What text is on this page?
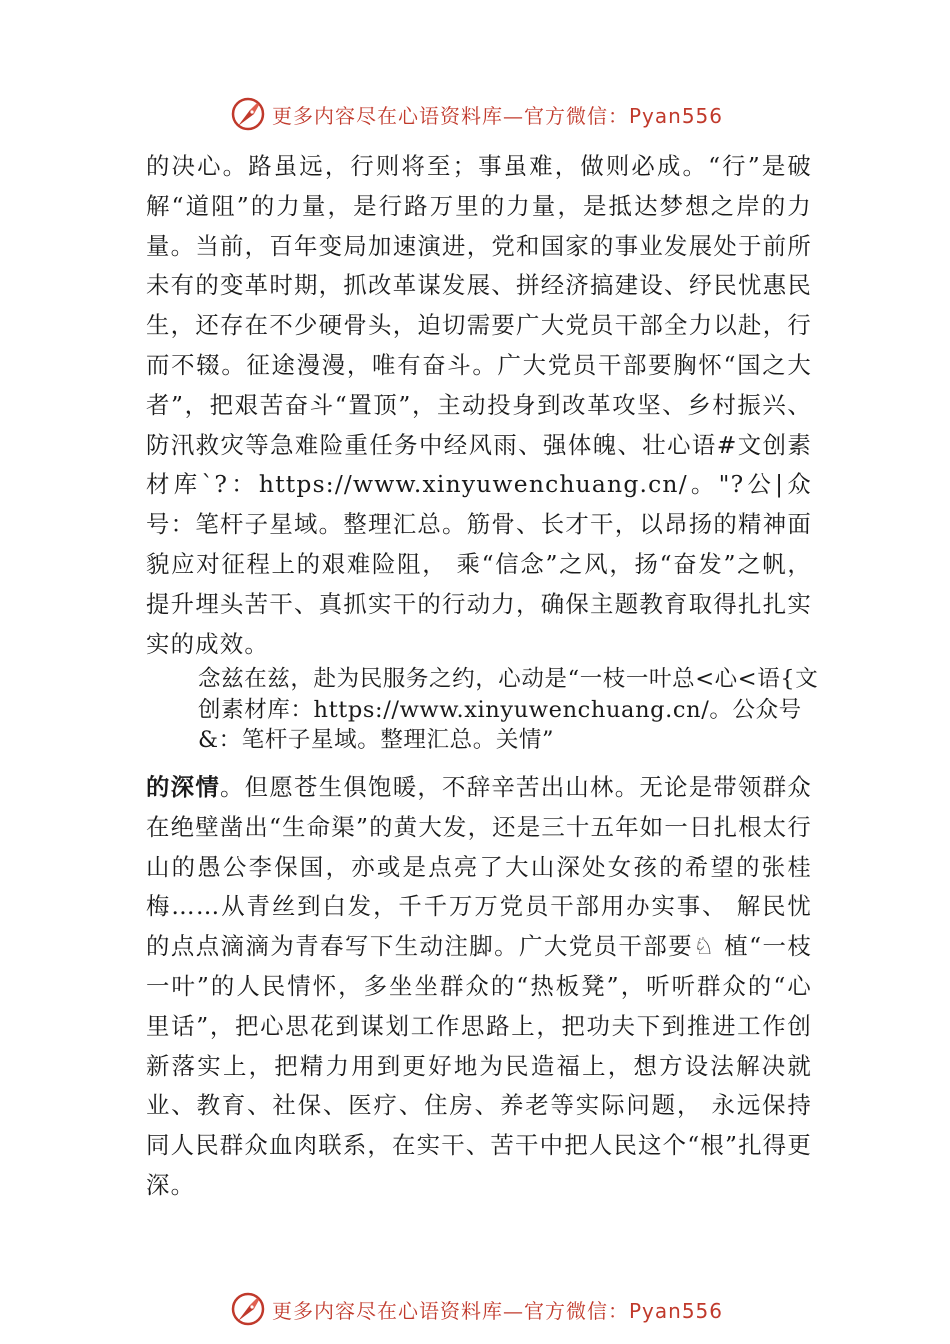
更多内容尽在心语资料库—官方微信：Pyan556

的决心。路虽远，行则将至；事虽难，做则必成。“行”是破解“道阻”的力量，是行路万里的力量，是抵达梦想之岸的力量。当前，百年变局加速演进，党和国家的事业发展处于前所未有的变革时期，抓改革谋发展、拼经济搞建设、纾民忧惠民生，还存在不少硬骨头，迫切需要广大党员干部全力以赴，行而不辍。征途漫漫，唯有奋斗。广大党员干部要胸怀“国之大者”，把艰苦奋斗“置顶”，主动投身到改革攻坚、乡村振兴、防汛救灾等急难险重任务中经风雨、强体魄、壮心语#文创素材库`?：https://www.xinyuwenchuang.cn/。"?公|众号：笔杆子星域。整理汇总。筋骨、长才干，以昂扬的精神面貌应对征程上的艰难险阻， 乘“信念”之风，扬“奋发”之帆，提升埋头苦干、真抓实干的行动力，确保主题教育取得扎扎实实的成效。

念兹在兹，赴为民服务之约，心动是“一枝一叶总<心<语{文创素材库：https://www.xinyuwenchuang.cn/。公众号&：笔杆子星域。整理汇总。关情”

的深情。但愿苍生俱饱暖，不辞辛苦出山林。无论是带领群众在绝壁凿出“生命渠”的黄大发，还是三十五年如一日扎根太行山的愚公李保国，亦或是点亮了大山深处女孩的希望的张桂梅……从青丝到白发，千千万万党员干部用办实事、 解民忧的点点滴滴为青春写下生动注脚。广大党员干部要♘ 植“一枝一叶”的人民情怀，多坐坐群众的“热板凳”，听听群众的“心里话”，把心思花到谋划工作思路上，把功夫下到推进工作创新落实上，把精力用到更好地为民造福上，想方设法解决就业、教育、社保、医疗、住房、养老等实际问题， 永远保持同人民群众血肉联系，在实干、苦干中把人民这个“根”扎得更深。

更多内容尽在心语资料库—官方微信：Pyan556
